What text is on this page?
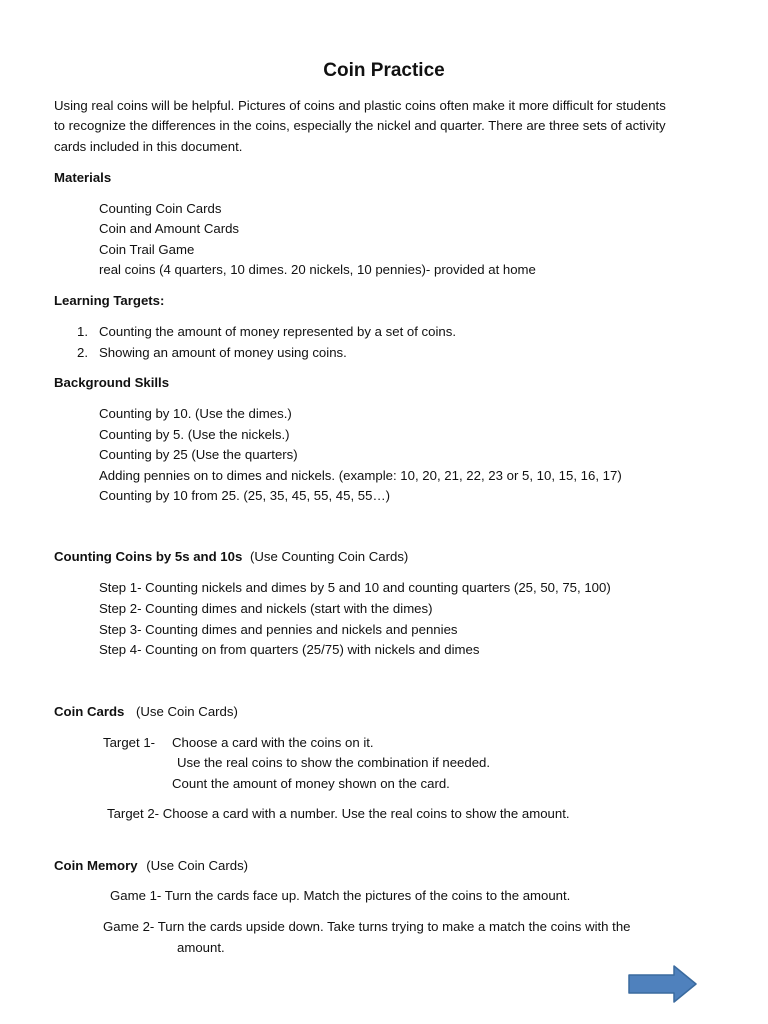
Coin Practice
Using real coins will be helpful. Pictures of coins and plastic coins often make it more difficult for students
to recognize the differences in the coins, especially the nickel and quarter. There are three sets of activity
cards included in this document.
Materials
Counting Coin Cards
Coin and Amount Cards
Coin Trail Game
real coins (4 quarters, 10 dimes. 20 nickels, 10 pennies)- provided at home
Learning Targets:
1. Counting the amount of money represented by a set of coins.
2. Showing an amount of money using coins.
Background Skills
Counting by 10. (Use the dimes.)
Counting by 5. (Use the nickels.)
Counting by 25 (Use the quarters)
Adding pennies on to dimes and nickels. (example: 10, 20, 21, 22, 23 or 5, 10, 15, 16, 17)
Counting by 10 from 25. (25, 35, 45, 55, 45, 55…)
Counting Coins by 5s and 10s (Use Counting Coin Cards)
Step 1- Counting nickels and dimes by 5 and 10 and counting quarters (25, 50, 75, 100)
Step 2- Counting dimes and nickels (start with the dimes)
Step 3- Counting dimes and pennies and nickels and pennies
Step 4- Counting on from quarters (25/75) with nickels and dimes
Coin Cards (Use Coin Cards)
Target 1- Choose a card with the coins on it.
Use the real coins to show the combination if needed.
Count the amount of money shown on the card.
Target 2- Choose a card with a number. Use the real coins to show the amount.
Coin Memory (Use Coin Cards)
Game 1- Turn the cards face up. Match the pictures of the coins to the amount.
Game 2- Turn the cards upside down. Take turns trying to make a match the coins with the
amount.
